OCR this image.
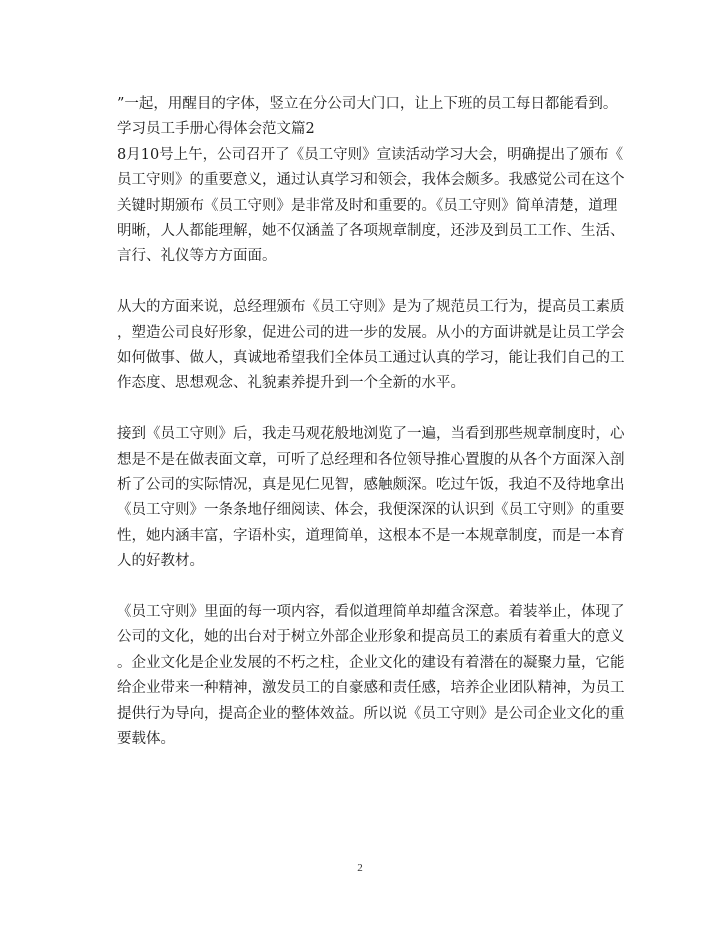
”一起，用醒目的字体，竖立在分公司大门口，让上下班的员工每日都能看到。
学习员工手册心得体会范文篇2
8月10号上午，公司召开了《员工守则》宣读活动学习大会，明确提出了颁布《
员工守则》的重要意义，通过认真学习和领会，我体会颇多。我感觉公司在这个
关键时期颁布《员工守则》是非常及时和重要的。《员工守则》简单清楚，道理
明晰，人人都能理解，她不仅涵盖了各项规章制度，还涉及到员工工作、生活、
言行、礼仪等方方面面。
从大的方面来说，总经理颁布《员工守则》是为了规范员工行为，提高员工素质
，塑造公司良好形象，促进公司的进一步的发展。从小的方面讲就是让员工学会
如何做事、做人，真诚地希望我们全体员工通过认真的学习，能让我们自己的工
作态度、思想观念、礼貌素养提升到一个全新的水平。
接到《员工守则》后，我走马观花般地浏览了一遍，当看到那些规章制度时，心
想是不是在做表面文章，可听了总经理和各位领导推心置腹的从各个方面深入剖
析了公司的实际情况，真是见仁见智，感触颇深。吃过午饭，我迫不及待地拿出
《员工守则》一条条地仔细阅读、体会，我便深深的认识到《员工守则》的重要
性，她内涵丰富，字语朴实，道理简单，这根本不是一本规章制度，而是一本育
人的好教材。
《员工守则》里面的每一项内容，看似道理简单却蕴含深意。着装举止，体现了
公司的文化，她的出台对于树立外部企业形象和提高员工的素质有着重大的意义
。企业文化是企业发展的不朽之柱，企业文化的建设有着潜在的凝聚力量，它能
给企业带来一种精神，激发员工的自豪感和责任感，培养企业团队精神，为员工
提供行为导向，提高企业的整体效益。所以说《员工守则》是公司企业文化的重
要载体。
2
